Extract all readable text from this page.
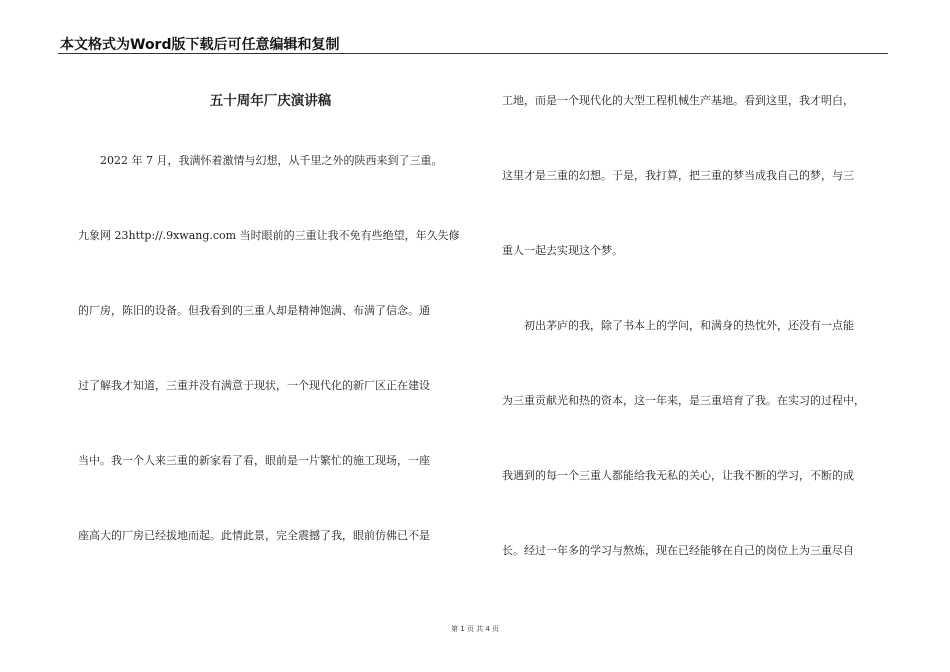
本文格式为Word版下载后可任意编辑和复制
五十周年厂庆演讲稿
　　2022 年 7 月，我满怀着激情与幻想，从千里之外的陕西来到了三重。
九象网 23http://.9xwang.com 当时眼前的三重让我不免有些绝望，年久失修
的厂房，陈旧的设备。但我看到的三重人却是精神饱满、布满了信念。通
过了解我才知道，三重并没有满意于现状，一个现代化的新厂区正在建设
当中。我一个人来三重的新家看了看，眼前是一片繁忙的施工现场，一座
座高大的厂房已经拔地而起。此情此景，完全震撼了我，眼前仿佛已不是
工地，而是一个现代化的大型工程机械生产基地。看到这里，我才明白，
这里才是三重的幻想。于是，我打算，把三重的梦当成我自己的梦，与三
重人一起去实现这个梦。
　　初出茅庐的我，除了书本上的学问，和满身的热忱外，还没有一点能
为三重贡献光和热的资本，这一年来，是三重培育了我。在实习的过程中，
我遇到的每一个三重人都能给我无私的关心，让我不断的学习，不断的成
长。经过一年多的学习与熬炼，现在已经能够在自己的岗位上为三重尽自
第 1 页 共 4 页
